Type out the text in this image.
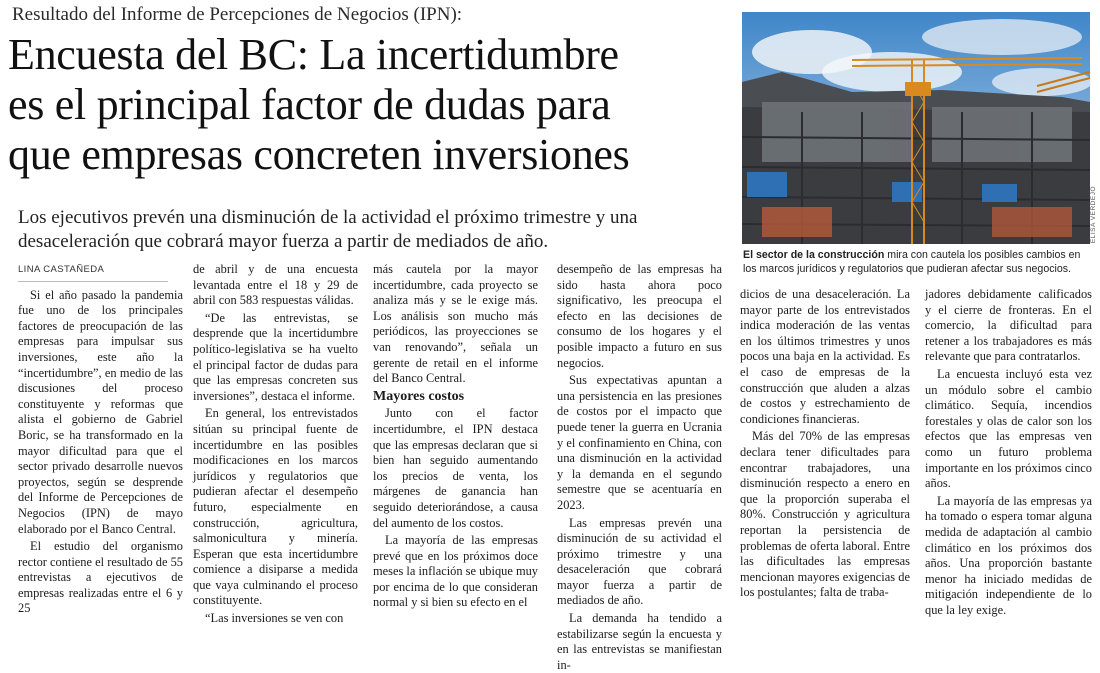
Resultado del Informe de Percepciones de Negocios (IPN):
Encuesta del BC: La incertidumbre
es el principal factor de dudas para
que empresas concreten inversiones
Los ejecutivos prevén una disminución de la actividad el próximo trimestre y una
desaceleración que cobrará mayor fuerza a partir de mediados de año.	ELISA VERDEJO
El sector de la construcción mira con cautela los posibles cambios en los marcos jurídicos y regulatorios que pudieran afectar sus negocios.
LINA CASTAÑEDA

Si el año pasado la pandemia fue uno de los principales factores de preocupación de las empresas para impulsar sus inversiones, este año la “incertidumbre”, en medio de las discusiones del proceso constituyente y reformas que alista el gobierno de Gabriel Boric, se ha transformado en la mayor dificultad para que el sector privado desarrolle nuevos proyectos, según se desprende del Informe de Percepciones de Negocios (IPN) de mayo elaborado por el Banco Central.

El estudio del organismo rector contiene el resultado de 55 entrevistas a ejecutivos de empresas realizadas entre el 6 y 25

de abril y de una encuesta levantada entre el 18 y 29 de abril con 583 respuestas válidas.

“De las entrevistas, se desprende que la incertidumbre político-legislativa se ha vuelto el principal factor de dudas para que las empresas concreten sus inversiones”, destaca el informe.

En general, los entrevistados sitúan su principal fuente de incertidumbre en las posibles modificaciones en los marcos jurídicos y regulatorios que pudieran afectar el desempeño futuro, especialmente en construcción, agricultura, salmonicultura y minería. Esperan que esta incertidumbre comience a disiparse a medida que vaya culminando el proceso constituyente.

“Las inversiones se ven con

más cautela por la mayor incertidumbre, cada proyecto se analiza más y se le exige más. Los análisis son mucho más periódicos, las proyecciones se van renovando”, señala un gerente de retail en el informe del Banco Central.

Mayores costos

Junto con el factor incertidumbre, el IPN destaca que las empresas declaran que si bien han seguido aumentando los precios de venta, los márgenes de ganancia han seguido deteriorándose, a causa del aumento de los costos.

La mayoría de las empresas prevé que en los próximos doce meses la inflación se ubique muy por encima de lo que consideran normal y si bien su efecto en el

desempeño de las empresas ha sido hasta ahora poco significativo, les preocupa el efecto en las decisiones de consumo de los hogares y el posible impacto a futuro en sus negocios.

Sus expectativas apuntan a una persistencia en las presiones de costos por el impacto que puede tener la guerra en Ucrania y el confinamiento en China, con una disminución en la actividad y la demanda en el segundo semestre que se acentuaría en 2023.

Las empresas prevén una disminución de su actividad el próximo trimestre y una desaceleración que cobrará mayor fuerza a partir de mediados de año.

La demanda ha tendido a estabilizarse según la encuesta y en las entrevistas se manifiestan in-

dicios de una desaceleración. La mayor parte de los entrevistados indica moderación de las ventas en los últimos trimestres y unos pocos una baja en la actividad. Es el caso de empresas de la construcción que aluden a alzas de costos y estrechamiento de condiciones financieras.

Más del 70% de las empresas declara tener dificultades para encontrar trabajadores, una disminución respecto a enero en que la proporción superaba el 80%. Construcción y agricultura reportan la persistencia de problemas de oferta laboral. Entre las dificultades las empresas mencionan mayores exigencias de los postulantes; falta de traba-

jadores debidamente calificados y el cierre de fronteras. En el comercio, la dificultad para retener a los trabajadores es más relevante que para contratarlos.

La encuesta incluyó esta vez un módulo sobre el cambio climático. Sequía, incendios forestales y olas de calor son los efectos que las empresas ven como un futuro problema importante en los próximos cinco años.

La mayoría de las empresas ya ha tomado o espera tomar alguna medida de adaptación al cambio climático en los próximos dos años. Una proporción bastante menor ha iniciado medidas de mitigación independiente de lo que la ley exige.
